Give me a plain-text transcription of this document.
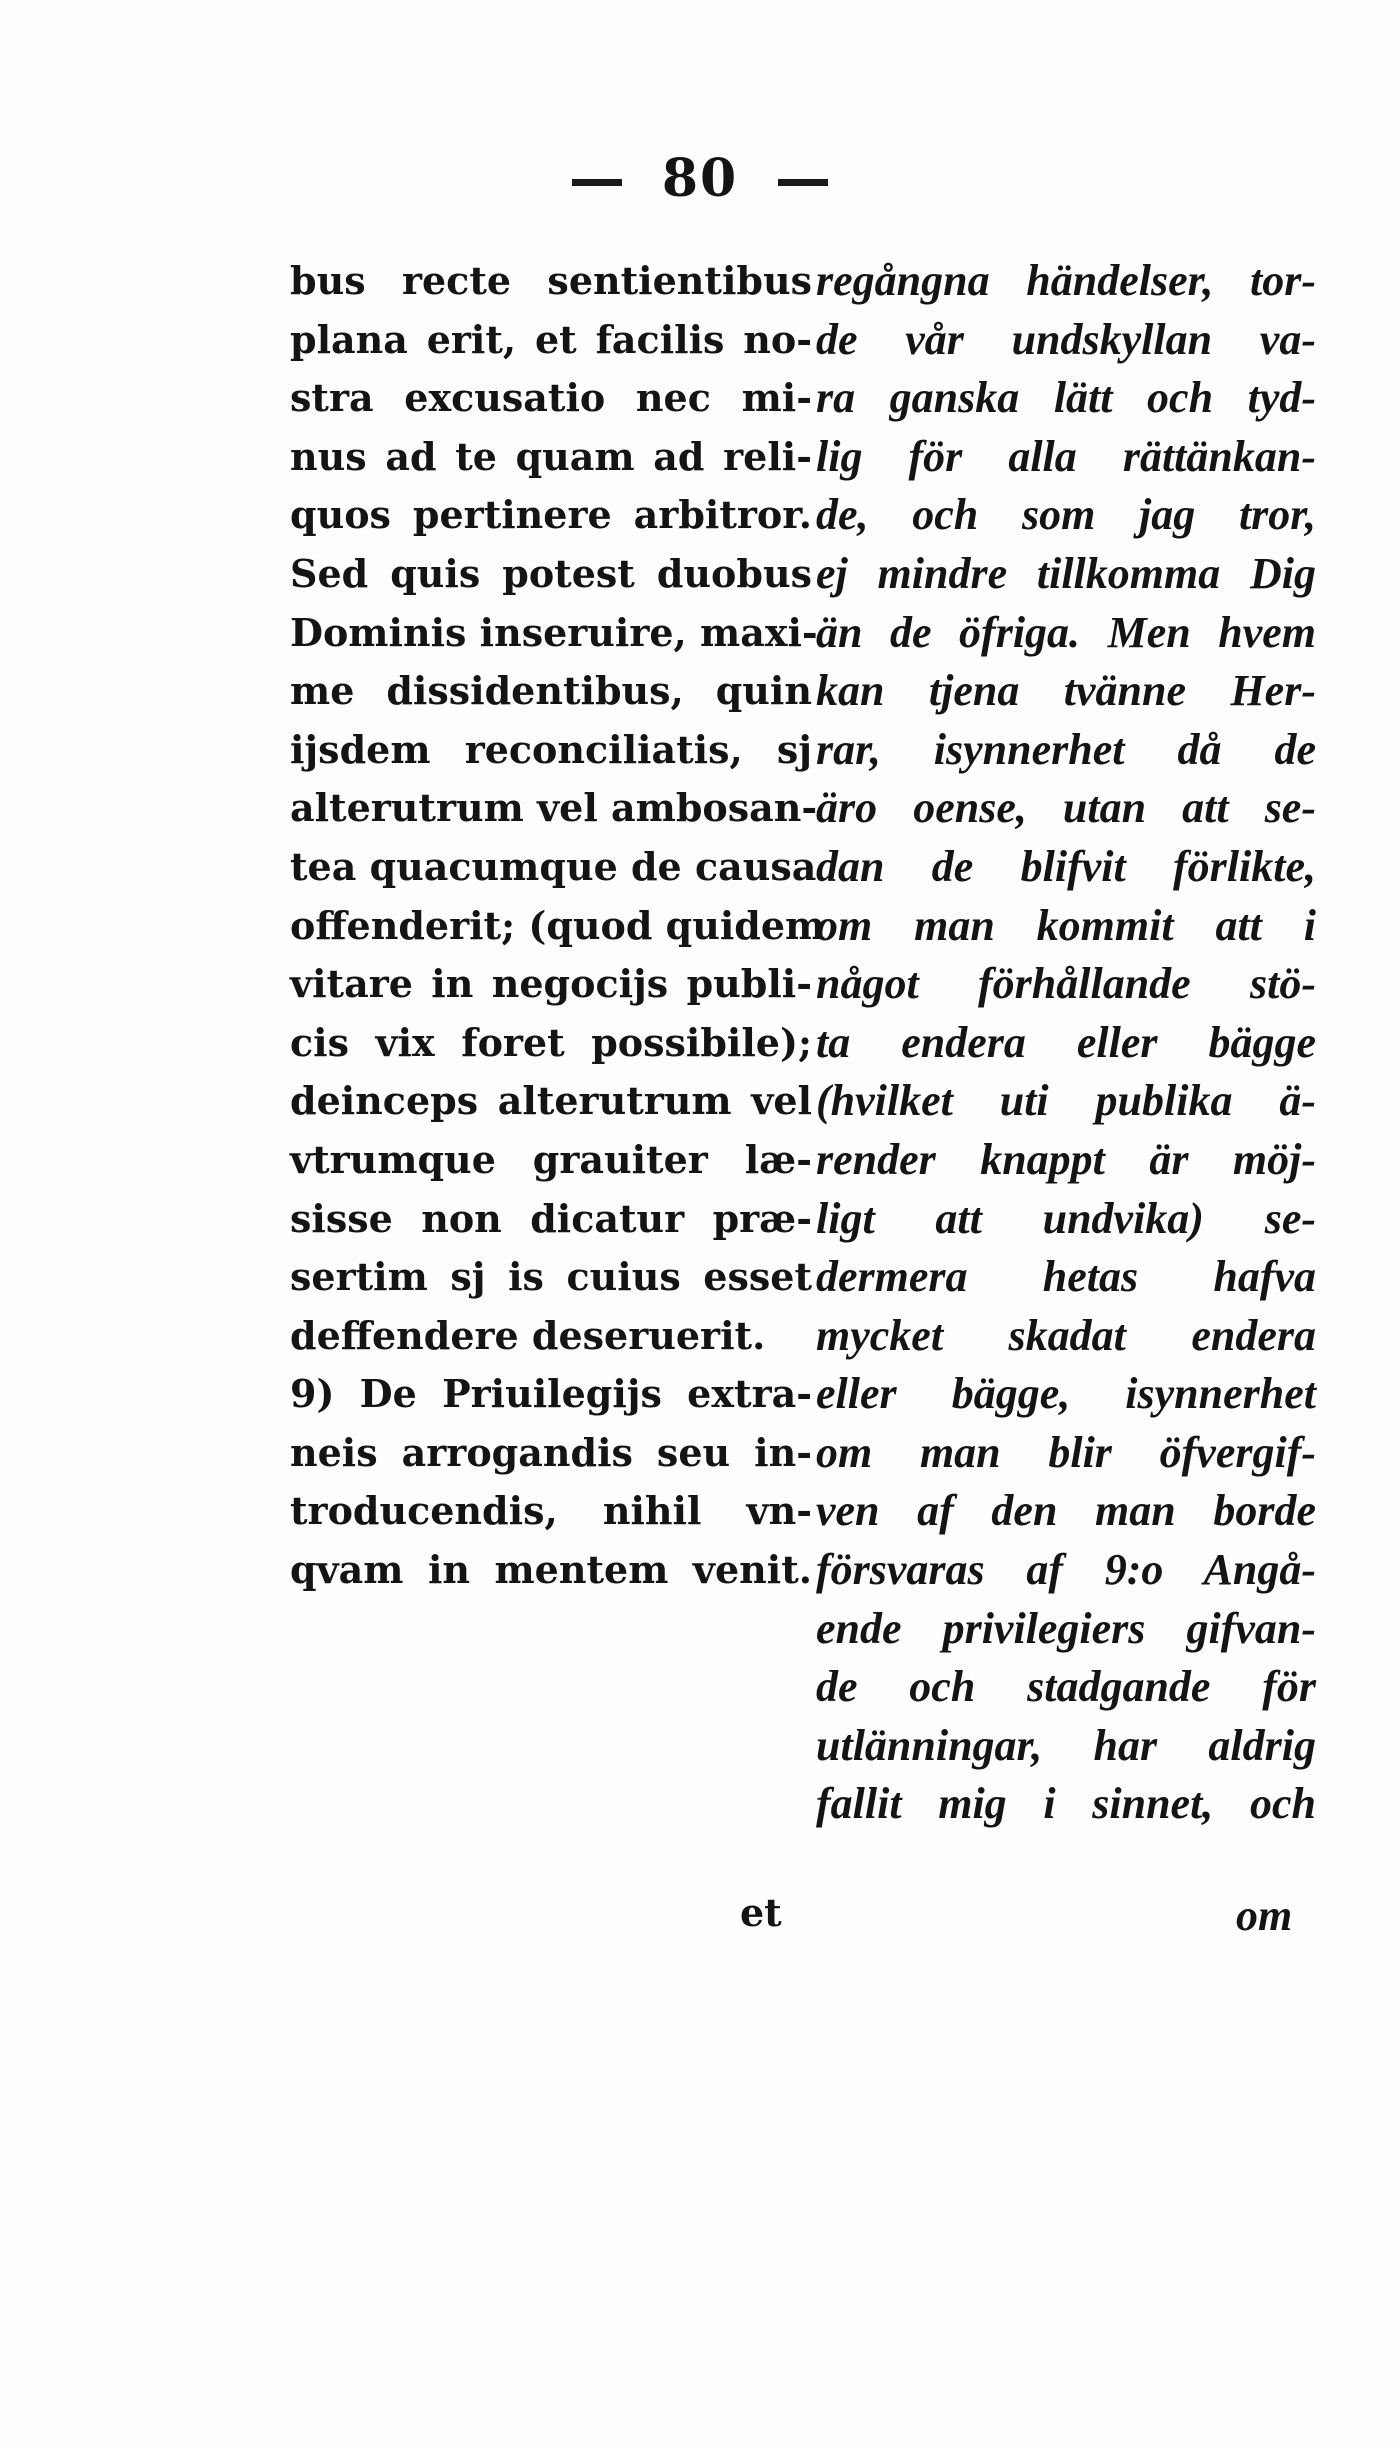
80
bus recte sentientibus
plana erit, et facilis no-
stra excusatio nec mi-
nus ad te quam ad reli-
quos pertinere arbitror.
Sed quis potest duobus
Dominis inseruire, maxi-
me dissidentibus, quin
ijsdem reconciliatis, sj
alterutrum vel ambosan-
tea quacumque de causa
offenderit; (quod quidem
vitare in negocijs publi-
cis vix foret possibile);
deinceps alterutrum vel
vtrumque grauiter læ-
sisse non dicatur præ-
sertim sj is cuius esset
deffendere deseruerit.
9) De Priuilegijs extra-
neis arrogandis seu in-
troducendis, nihil vn-
qvam in mentem venit.
regångna händelser, tor-
de vår undskyllan va-
ra ganska lätt och tyd-
lig för alla rättänkan-
de, och som jag tror,
ej mindre tillkomma Dig
än de öfriga. Men hvem
kan tjena tvänne Her-
rar, isynnerhet då de
äro oense, utan att se-
dan de blifvit förlikte,
om man kommit att i
något förhållande stö-
ta endera eller bägge
(hvilket uti publika ä-
render knappt är möj-
ligt att undvika) se-
dermera hetas hafva
mycket skadat endera
eller bägge, isynnerhet
om man blir öfvergif-
ven af den man borde
försvaras af 9:o Angå-
ende privilegiers gifvan-
de och stadgande för
utlänningar, har aldrig
fallit mig i sinnet, och
et	om
